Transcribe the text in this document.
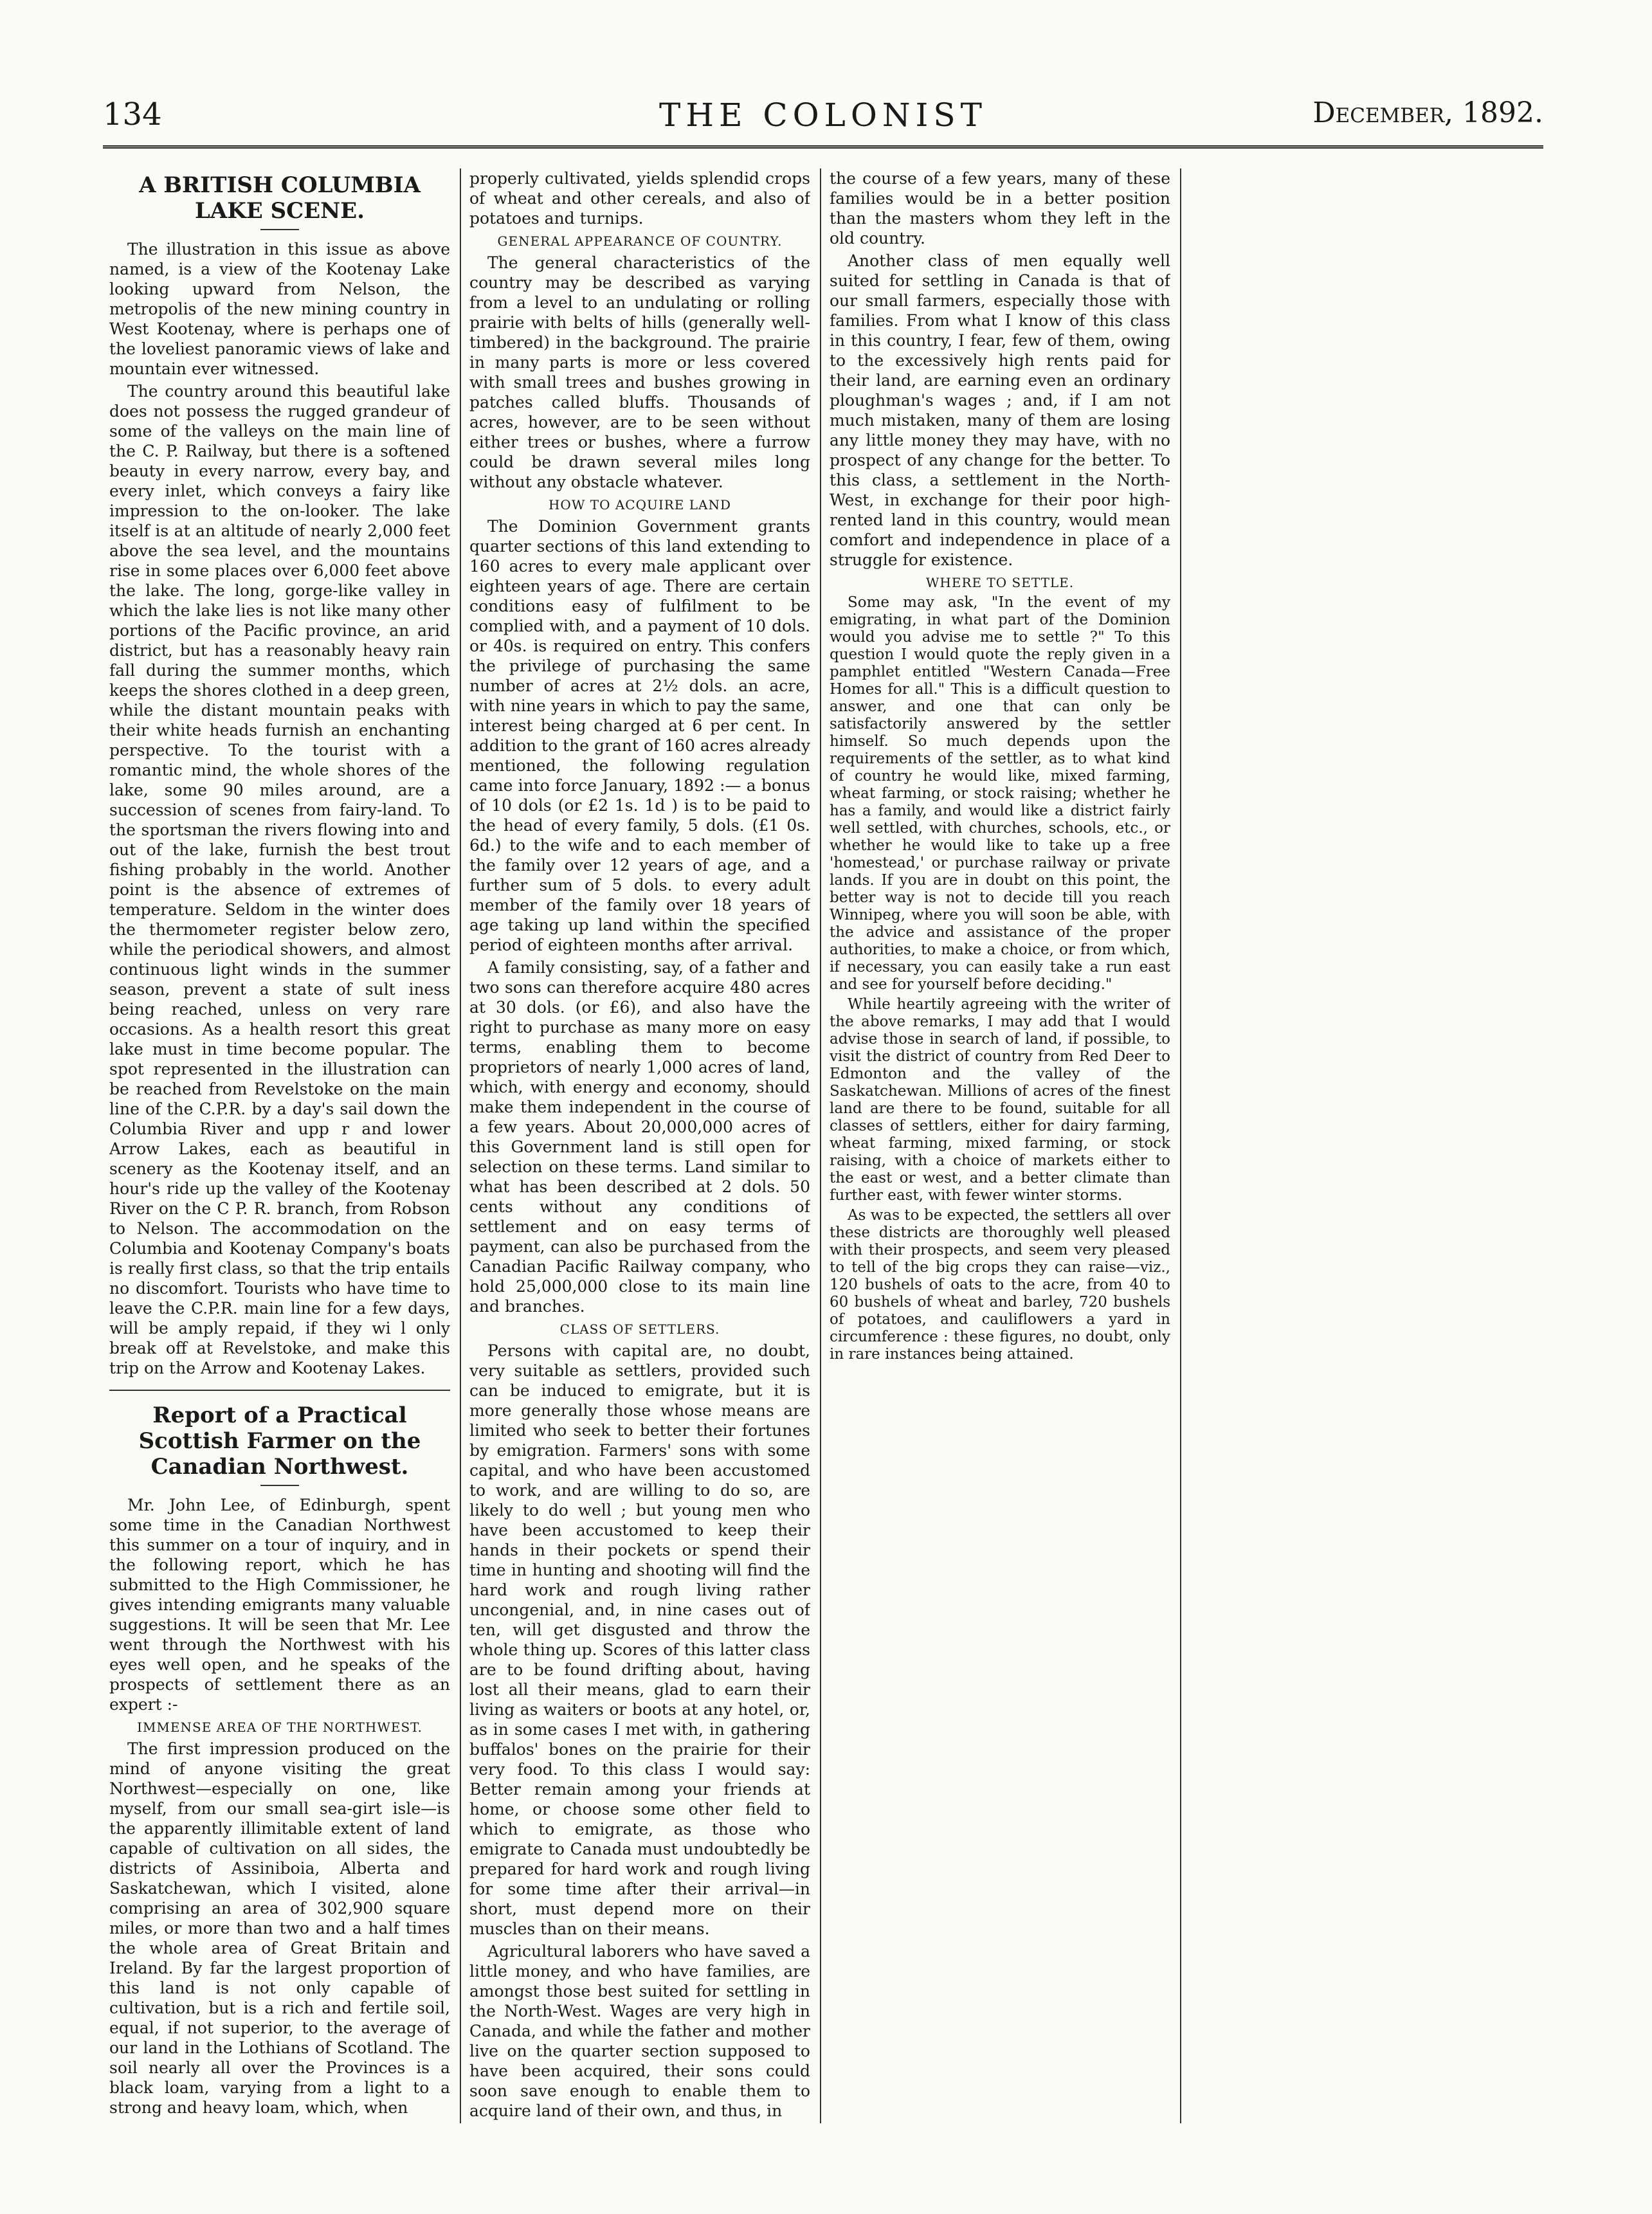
134	THE COLONIST	December, 1892.
A BRITISH COLUMBIA LAKE SCENE.

The illustration in this issue as above named, is a view of the Kootenay Lake looking upward from Nelson, the metropolis of the new mining country in West Kootenay, where is perhaps one of the loveliest panoramic views of lake and mountain ever witnessed.

The country around this beautiful lake does not possess the rugged grandeur of some of the valleys on the main line of the C. P. Railway, but there is a softened beauty in every narrow, every bay, and every inlet, which conveys a fairy like impression to the on-looker. The lake itself is at an altitude of nearly 2,000 feet above the sea level, and the mountains rise in some places over 6,000 feet above the lake. The long, gorge-like valley in which the lake lies is not like many other portions of the Pacific province, an arid district, but has a reasonably heavy rain fall during the summer months, which keeps the shores clothed in a deep green, while the distant mountain peaks with their white heads furnish an enchanting perspective. To the tourist with a romantic mind, the whole shores of the lake, some 90 miles around, are a succession of scenes from fairy-land. To the sportsman the rivers flowing into and out of the lake, furnish the best trout fishing probably in the world. Another point is the absence of extremes of temperature. Seldom in the winter does the thermometer register below zero, while the periodical showers, and almost continuous light winds in the summer season, prevent a state of sult iness being reached, unless on very rare occasions. As a health resort this great lake must in time become popular. The spot represented in the illustration can be reached from Revelstoke on the main line of the C.P.R. by a day's sail down the Columbia River and upp r and lower Arrow Lakes, each as beautiful in scenery as the Kootenay itself, and an hour's ride up the valley of the Kootenay River on the C P. R. branch, from Robson to Nelson. The accommodation on the Columbia and Kootenay Company's boats is really first class, so that the trip entails no discomfort. Tourists who have time to leave the C.P.R. main line for a few days, will be amply repaid, if they wi l only break off at Revelstoke, and make this trip on the Arrow and Kootenay Lakes.

Report of a Practical Scottish Farmer on the Canadian Northwest.

Mr. John Lee, of Edinburgh, spent some time in the Canadian Northwest this summer on a tour of inquiry, and in the following report, which he has submitted to the High Commissioner, he gives intending emigrants many valuable suggestions. It will be seen that Mr. Lee went through the Northwest with his eyes well open, and he speaks of the prospects of settlement there as an expert :-

IMMENSE AREA OF THE NORTHWEST.

The first impression produced on the mind of anyone visiting the great Northwest—especially on one, like myself, from our small sea-girt isle—is the apparently illimitable extent of land capable of cultivation on all sides, the districts of Assiniboia, Alberta and Saskatchewan, which I visited, alone comprising an area of 302,900 square miles, or more than two and a half times the whole area of Great Britain and Ireland. By far the largest proportion of this land is not only capable of cultivation, but is a rich and fertile soil, equal, if not superior, to the average of our land in the Lothians of Scotland. The soil nearly all over the Provinces is a black loam, varying from a light to a strong and heavy loam, which, when

properly cultivated, yields splendid crops of wheat and other cereals, and also of potatoes and turnips.

GENERAL APPEARANCE OF COUNTRY.

The general characteristics of the country may be described as varying from a level to an undulating or rolling prairie with belts of hills (generally well-timbered) in the background. The prairie in many parts is more or less covered with small trees and bushes growing in patches called bluffs. Thousands of acres, however, are to be seen without either trees or bushes, where a furrow could be drawn several miles long without any obstacle whatever.

HOW TO ACQUIRE LAND

The Dominion Government grants quarter sections of this land extending to 160 acres to every male applicant over eighteen years of age. There are certain conditions easy of fulfilment to be complied with, and a payment of 10 dols. or 40s. is required on entry. This confers the privilege of purchasing the same number of acres at 2½ dols. an acre, with nine years in which to pay the same, interest being charged at 6 per cent. In addition to the grant of 160 acres already mentioned, the following regulation came into force January, 1892 :— a bonus of 10 dols (or £2 1s. 1d ) is to be paid to the head of every family, 5 dols. (£1 0s. 6d.) to the wife and to each member of the family over 12 years of age, and a further sum of 5 dols. to every adult member of the family over 18 years of age taking up land within the specified period of eighteen months after arrival.

A family consisting, say, of a father and two sons can therefore acquire 480 acres at 30 dols. (or £6), and also have the right to purchase as many more on easy terms, enabling them to become proprietors of nearly 1,000 acres of land, which, with energy and economy, should make them independent in the course of a few years. About 20,000,000 acres of this Government land is still open for selection on these terms. Land similar to what has been described at 2 dols. 50 cents without any conditions of settlement and on easy terms of payment, can also be purchased from the Canadian Pacific Railway company, who hold 25,000,000 close to its main line and branches.

CLASS OF SETTLERS.

Persons with capital are, no doubt, very suitable as settlers, provided such can be induced to emigrate, but it is more generally those whose means are limited who seek to better their fortunes by emigration. Farmers' sons with some capital, and who have been accustomed to work, and are willing to do so, are likely to do well ; but young men who have been accustomed to keep their hands in their pockets or spend their time in hunting and shooting will find the hard work and rough living rather uncongenial, and, in nine cases out of ten, will get disgusted and throw the whole thing up. Scores of this latter class are to be found drifting about, having lost all their means, glad to earn their living as waiters or boots at any hotel, or, as in some cases I met with, in gathering buffalos' bones on the prairie for their very food. To this class I would say: Better remain among your friends at home, or choose some other field to which to emigrate, as those who emigrate to Canada must undoubtedly be prepared for hard work and rough living for some time after their arrival—in short, must depend more on their muscles than on their means.

Agricultural laborers who have saved a little money, and who have families, are amongst those best suited for settling in the North-West. Wages are very high in Canada, and while the father and mother live on the quarter section supposed to have been acquired, their sons could soon save enough to enable them to acquire land of their own, and thus, in

the course of a few years, many of these families would be in a better position than the masters whom they left in the old country.

Another class of men equally well suited for settling in Canada is that of our small farmers, especially those with families. From what I know of this class in this country, I fear, few of them, owing to the excessively high rents paid for their land, are earning even an ordinary ploughman's wages ; and, if I am not much mistaken, many of them are losing any little money they may have, with no prospect of any change for the better. To this class, a settlement in the North-West, in exchange for their poor high-rented land in this country, would mean comfort and independence in place of a struggle for existence.

WHERE TO SETTLE.

Some may ask, "In the event of my emigrating, in what part of the Dominion would you advise me to settle ?" To this question I would quote the reply given in a pamphlet entitled "Western Canada—Free Homes for all." This is a difficult question to answer, and one that can only be satisfactorily answered by the settler himself. So much depends upon the requirements of the settler, as to what kind of country he would like, mixed farming, wheat farming, or stock raising; whether he has a family, and would like a district fairly well settled, with churches, schools, etc., or whether he would like to take up a free 'homestead,' or purchase railway or private lands. If you are in doubt on this point, the better way is not to decide till you reach Winnipeg, where you will soon be able, with the advice and assistance of the proper authorities, to make a choice, or from which, if necessary, you can easily take a run east and see for yourself before deciding."

While heartily agreeing with the writer of the above remarks, I may add that I would advise those in search of land, if possible, to visit the district of country from Red Deer to Edmonton and the valley of the Saskatchewan. Millions of acres of the finest land are there to be found, suitable for all classes of settlers, either for dairy farming, wheat farming, mixed farming, or stock raising, with a choice of markets either to the east or west, and a better climate than further east, with fewer winter storms.

As was to be expected, the settlers all over these districts are thoroughly well pleased with their prospects, and seem very pleased to tell of the big crops they can raise—viz., 120 bushels of oats to the acre, from 40 to 60 bushels of wheat and barley, 720 bushels of potatoes, and cauliflowers a yard in circumference : these figures, no doubt, only in rare instances being attained.
